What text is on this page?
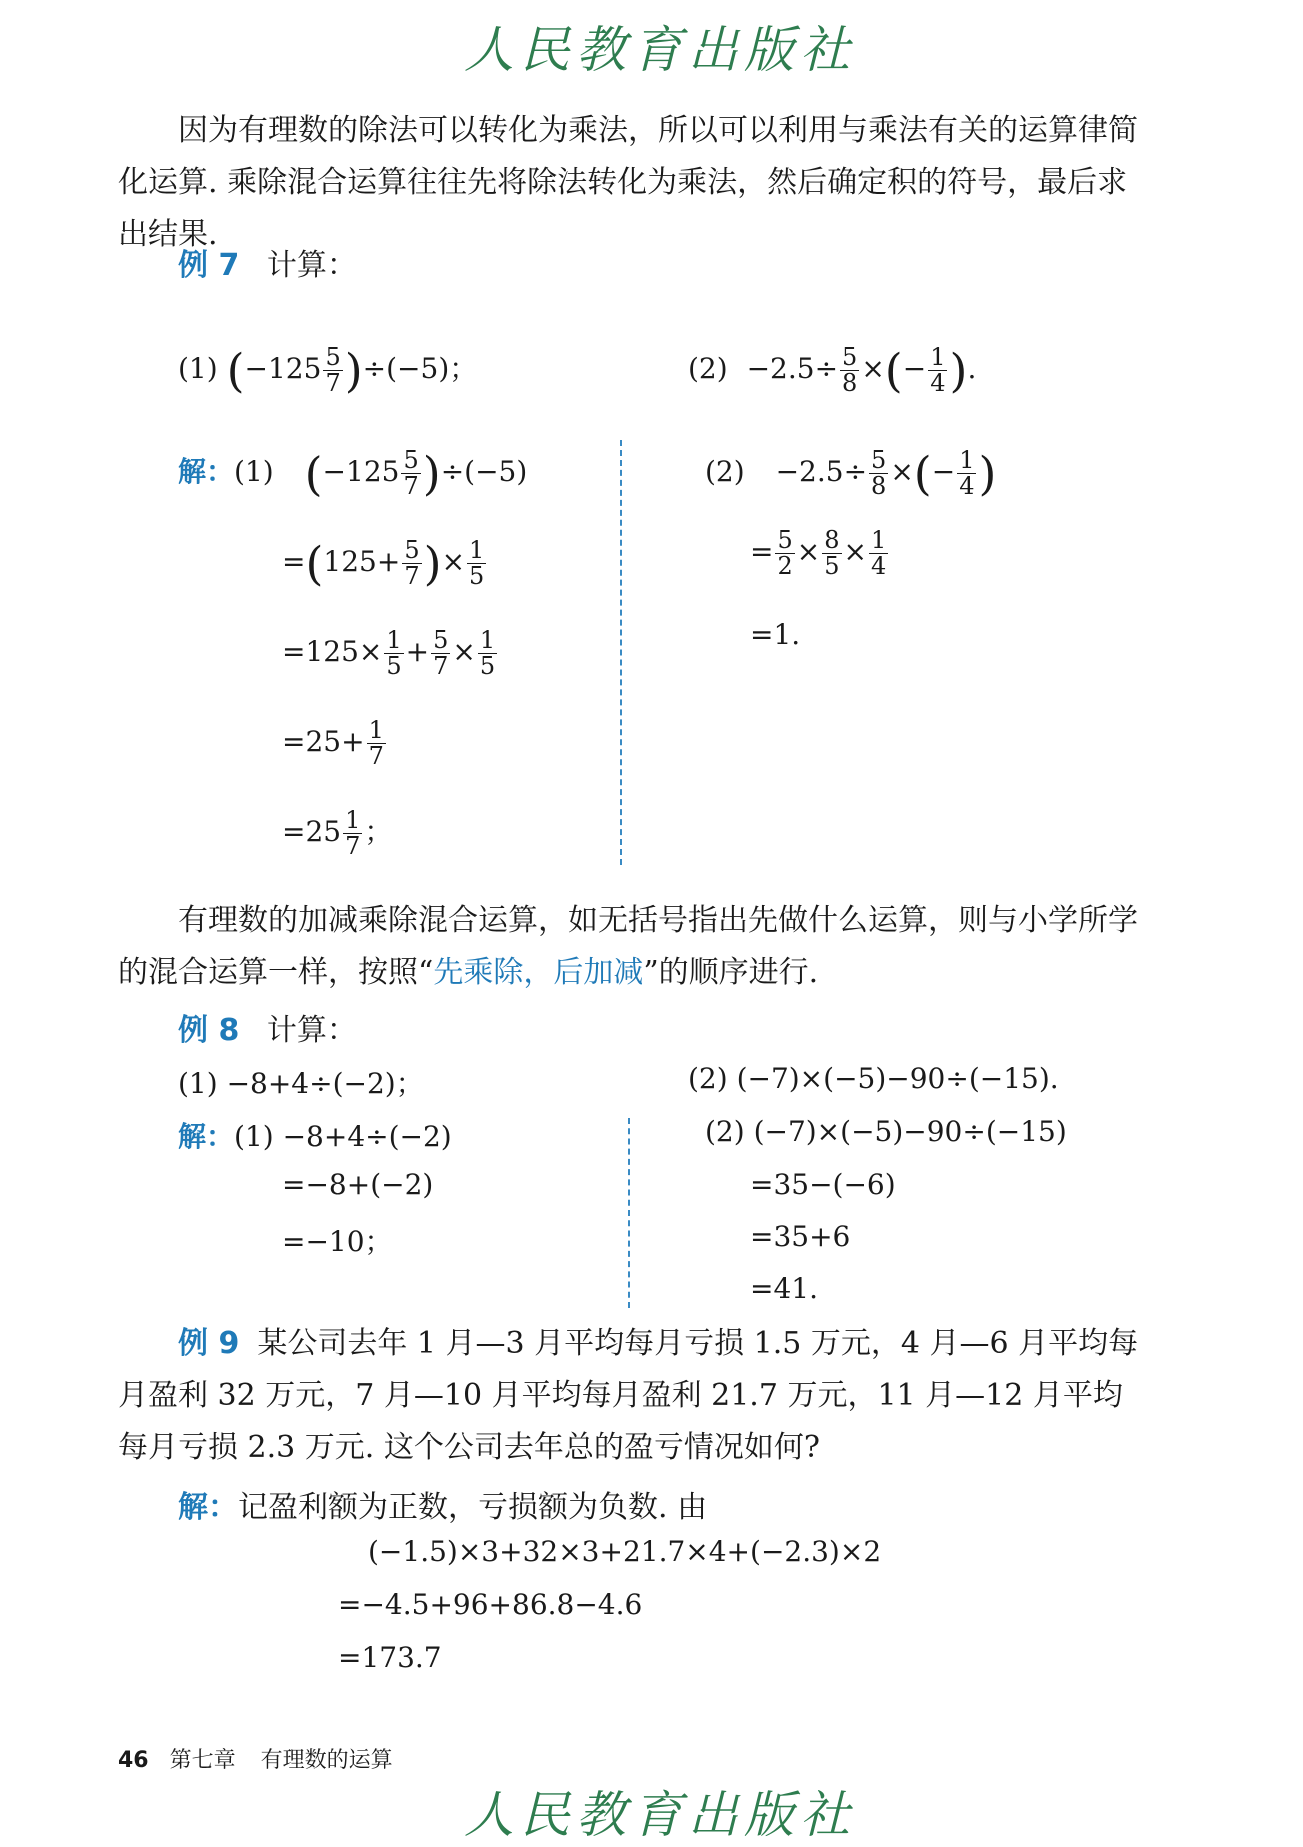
人民教育出版社
因为有理数的除法可以转化为乘法，所以可以利用与乘法有关的运算律简化运算. 乘除混合运算往往先将除法转化为乘法，然后确定积的符号，最后求出结果.
例 7 计算：
(1) $(-125 \frac{5}{7} )\div(-5)$；	$(2) -2.5\div \frac{5}{8}$ ×(− $\frac{1}{4}$ ).
解：(1) $(-125 \frac{5}{7} )\div(-5)$
$=(125+ \frac{5}{7}$ )× $\frac{1}{5}$
$=125\times \frac{1}{5} + \frac{5}{7} \times \frac{1}{5}$
$=25+ \frac{1}{7}$
$=25 \frac{1}{7}$ ；
$(2) -2.5\div \frac{5}{8}$ ×(− $\frac{1}{4}$ )
= $\frac{5}{2} \times \frac{8}{5} \times \frac{1}{4}$
=1.
有理数的加减乘除混合运算，如无括号指出先做什么运算，则与小学所学的混合运算一样，按照“先乘除，后加减”的顺序进行.
例 8 计算：
(1) −8+4÷(−2)；	(2) (−7)×(−5)−90÷(−15).
解：(1) −8+4÷(−2)
=−8+(−2)
=−10；
(2) (−7)×(−5)−90÷(−15)
=35−(−6)
=35+6
=41.
例 9 某公司去年 1 月—3 月平均每月亏损 1.5 万元，4 月—6 月平均每月盈利 32 万元，7 月—10 月平均每月盈利 21.7 万元，11 月—12 月平均每月亏损 2.3 万元. 这个公司去年总的盈亏情况如何?
解：记盈利额为正数，亏损额为负数. 由
(−1.5)×3+32×3+21.7×4+(−2.3)×2
=−4.5+96+86.8−4.6
=173.7
46 第七章 有理数的运算
人民教育出版社
